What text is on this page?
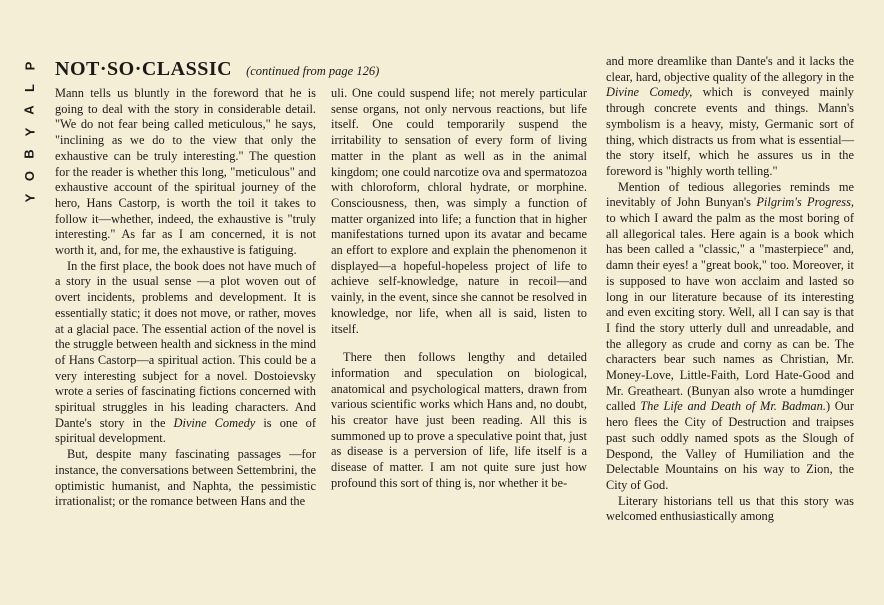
P
L
A
Y
B
O
Y
NOT·SO·CLASSIC (continued from page 126)

Mann tells us bluntly in the foreword that he is going to deal with the story in considerable detail. "We do not fear being called meticulous," he says, "inclining as we do to the view that only the exhaustive can be truly interesting." The question for the reader is whether this long, "meticulous" and exhaustive account of the spiritual journey of the hero, Hans Castorp, is worth the toil it takes to follow it—whether, indeed, the exhaustive is "truly interesting." As far as I am concerned, it is not worth it, and, for me, the exhaustive is fatiguing.

In the first place, the book does not have much of a story in the usual sense —a plot woven out of overt incidents, problems and development. It is essentially static; it does not move, or rather, moves at a glacial pace. The essential action of the novel is the struggle between health and sickness in the mind of Hans Castorp—a spiritual action. This could be a very interesting subject for a novel. Dostoievsky wrote a series of fascinating fictions concerned with spiritual struggles in his leading characters. And Dante's story in the Divine Comedy is one of spiritual development.

But, despite many fascinating passages —for instance, the conversations between Settembrini, the optimistic humanist, and Naphta, the pessimistic irrationalist; or the romance between Hans and the

uli. One could suspend life; not merely particular sense organs, not only nervous reactions, but life itself. One could temporarily suspend the irritability to sensation of every form of living matter in the plant as well as in the animal kingdom; one could narcotize ova and spermatozoa with chloroform, chloral hydrate, or morphine. Consciousness, then, was simply a function of matter organized into life; a function that in higher manifestations turned upon its avatar and became an effort to explore and explain the phenomenon it displayed—a hopeful-hopeless project of life to achieve self-knowledge, nature in recoil—and vainly, in the event, since she cannot be resolved in knowledge, nor life, when all is said, listen to itself.

There then follows lengthy and detailed information and speculation on biological, anatomical and psychological matters, drawn from various scientific works which Hans and, no doubt, his creator have just been reading. All this is summoned up to prove a speculative point that, just as disease is a perversion of life, life itself is a disease of matter. I am not quite sure just how profound this sort of thing is, nor whether it be-

and more dreamlike than Dante's and it lacks the clear, hard, objective quality of the allegory in the Divine Comedy, which is conveyed mainly through concrete events and things. Mann's symbolism is a heavy, misty, Germanic sort of thing, which distracts us from what is essential—the story itself, which he assures us in the foreword is "highly worth telling."

Mention of tedious allegories reminds me inevitably of John Bunyan's Pilgrim's Progress, to which I award the palm as the most boring of all allegorical tales. Here again is a book which has been called a "classic," a "masterpiece" and, damn their eyes! a "great book," too. Moreover, it is supposed to have won acclaim and lasted so long in our literature because of its interesting and even exciting story. Well, all I can say is that I find the story utterly dull and unreadable, and the allegory as crude and corny as can be. The characters bear such names as Christian, Mr. Money-Love, Little-Faith, Lord Hate-Good and Mr. Greatheart. (Bunyan also wrote a humdinger called The Life and Death of Mr. Badman.) Our hero flees the City of Destruction and traipses past such oddly named spots as the Slough of Despond, the Valley of Humiliation and the Delectable Mountains on his way to Zion, the City of God.

Literary historians tell us that this story was welcomed enthusiastically among
